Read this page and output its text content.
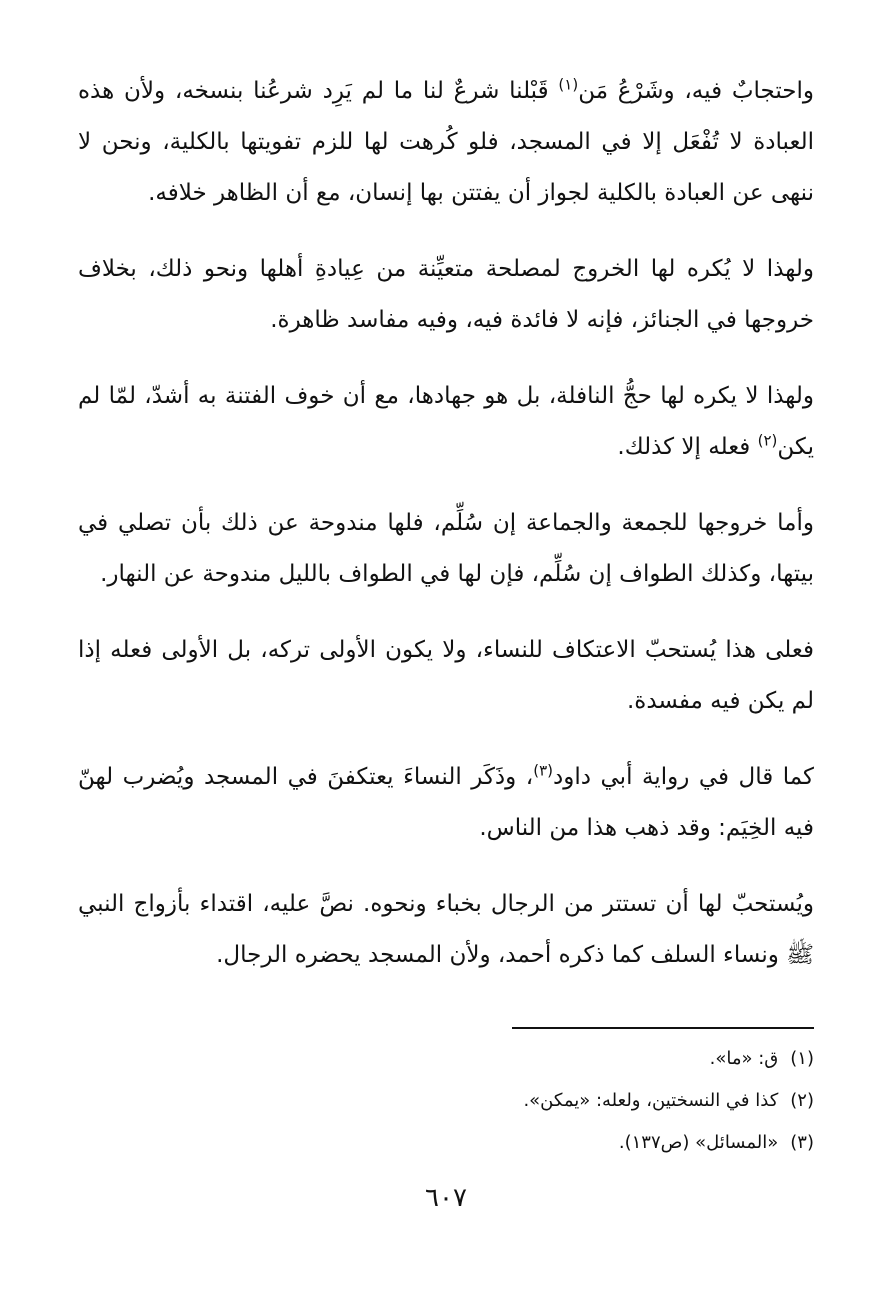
واحتجابٌ فيه، وشَرْعُ مَن$^{(١)}$ قَبْلنا شرعٌ لنا ما لم يَرِد شرعُنا بنسخه، ولأن هذه العبادة لا تُفْعَل إلا في المسجد، فلو كُرهت لها للزم تفويتها بالكلية، ونحن لا ننهى عن العبادة بالكلية لجواز أن يفتتن بها إنسان، مع أن الظاهر خلافه.

ولهذا لا يُكره لها الخروج لمصلحة متعيِّنة من عِيادةِ أهلها ونحو ذلك، بخلاف خروجها في الجنائز، فإنه لا فائدة فيه، وفيه مفاسد ظاهرة.

ولهذا لا يكره لها حجُّ النافلة، بل هو جهادها، مع أن خوف الفتنة به أشدّ، لمّا لم يكن$^{(٢)}$ فعله إلا كذلك.

وأما خروجها للجمعة والجماعة إن سُلِّم، فلها مندوحة عن ذلك بأن تصلي في بيتها، وكذلك الطواف إن سُلِّم، فإن لها في الطواف بالليل مندوحة عن النهار.

فعلى هذا يُستحبّ الاعتكاف للنساء، ولا يكون الأولى تركه، بل الأولى فعله إذا لم يكن فيه مفسدة.

كما قال في رواية أبي داود$^{(٣)}$، وذَكَر النساءَ يعتكفنَ في المسجد ويُضرب لهنّ فيه الخِيَم: وقد ذهب هذا من الناس.

ويُستحبّ لها أن تستتر من الرجال بخباء ونحوه. نصَّ عليه، اقتداء بأزواج النبي ﷺ ونساء السلف كما ذكره أحمد، ولأن المسجد يحضره الرجال.

(١)ق: «ما».
(٢)كذا في النسختين، ولعله: «يمكن».
(٣)«المسائل» (ص١٣٧).
٦٠٧
